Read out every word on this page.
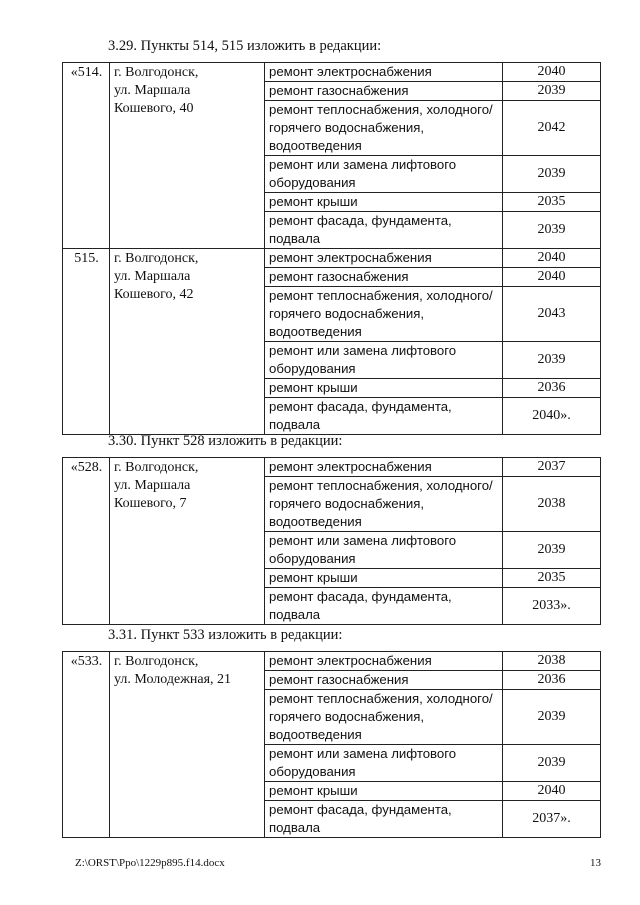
3.29. Пункты 514, 515 изложить в редакции:
«514.	г. Волгодонск,
ул. Маршала
Кошевого, 40	ремонт электроснабжения	2040
		ремонт газоснабжения	2039
		ремонт теплоснабжения, холодного/горячего водоснабжения, водоотведения	2042
		ремонт или замена лифтового оборудования	2039
		ремонт крыши	2035
		ремонт фасада, фундамента, подвала	2039
515.	г. Волгодонск,
ул. Маршала
Кошевого, 42	ремонт электроснабжения	2040
		ремонт газоснабжения	2040
		ремонт теплоснабжения, холодного/горячего водоснабжения, водоотведения	2043
		ремонт или замена лифтового оборудования	2039
		ремонт крыши	2036
		ремонт фасада, фундамента, подвала	2040».
3.30. Пункт 528 изложить в редакции:
«528.	г. Волгодонск,
ул. Маршала
Кошевого, 7	ремонт электроснабжения	2037
		ремонт теплоснабжения, холодного/горячего водоснабжения, водоотведения	2038
		ремонт или замена лифтового оборудования	2039
		ремонт крыши	2035
		ремонт фасада, фундамента, подвала	2033».
3.31. Пункт 533 изложить в редакции:
«533.	г. Волгодонск,
ул. Молодежная, 21	ремонт электроснабжения	2038
		ремонт газоснабжения	2036
		ремонт теплоснабжения, холодного/горячего водоснабжения, водоотведения	2039
		ремонт или замена лифтового оборудования	2039
		ремонт крыши	2040
		ремонт фасада, фундамента, подвала	2037».
Z:\ORST\Ppo\1229p895.f14.docx	13
